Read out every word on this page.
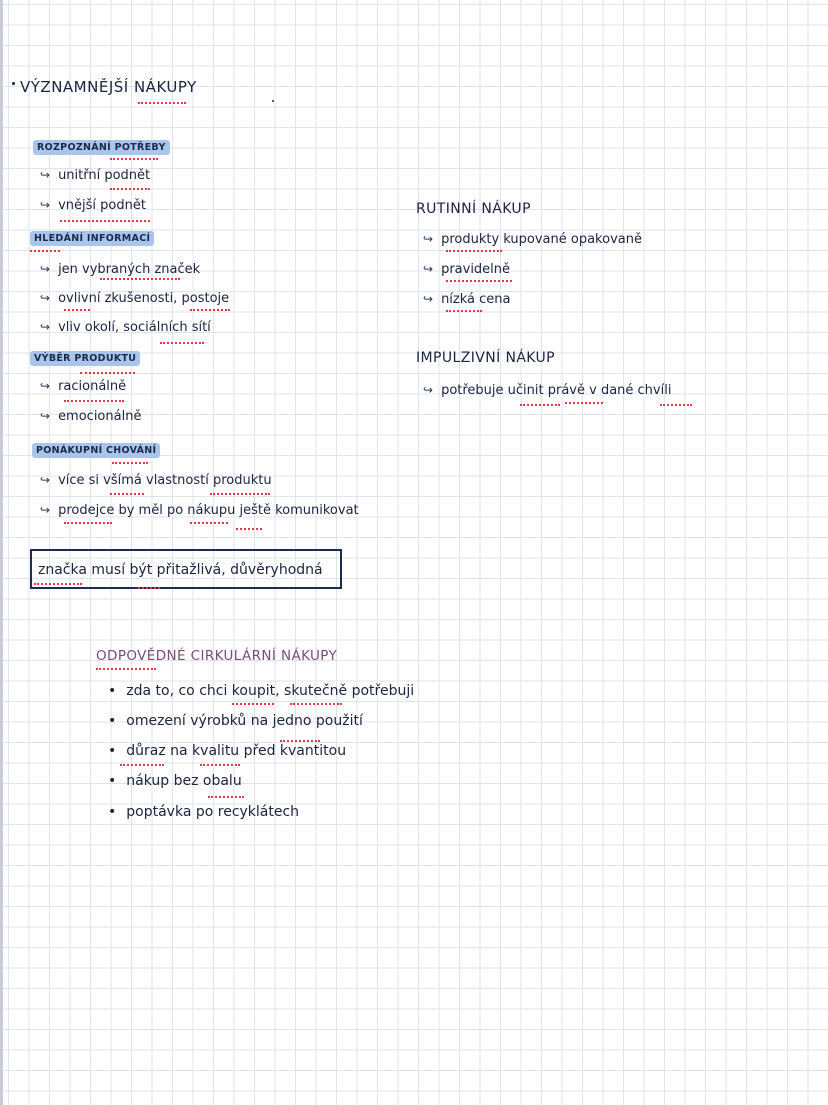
VÝZNAMNĚJŠÍ NÁKUPY
ROZPOZNÁNÍ POTŘEBY
↪ unitřní podnět
↪ vnější podnět
HLEDÁNÍ INFORMACÍ
↪ jen vybraných značek
↪ ovlivní zkušenosti, postoje
↪ vliv okolí, sociálních sítí
VÝBĚR PRODUKTU
↪ racionálně
↪ emocionálně
PONÁKUPNÍ CHOVÁNÍ
↪ více si všímá vlastností produktu
↪ prodejce by měl po nákupu ještě komunikovat
značka musí být přitažlivá, důvěryhodná
RUTINNÍ NÁKUP
↪ produkty kupované opakovaně
↪ pravidelně
↪ nízká cena
IMPULZIVNÍ NÁKUP
↪ potřebuje učinit právě v dané chvíli
ODPOVĚDNÉ CIRKULÁRNÍ NÁKUPY
• zda to, co chci koupit, skutečně potřebuji
• omezení výrobků na jedno použití
• důraz na kvalitu před kvantitou
• nákup bez obalu
• poptávka po recyklátech
